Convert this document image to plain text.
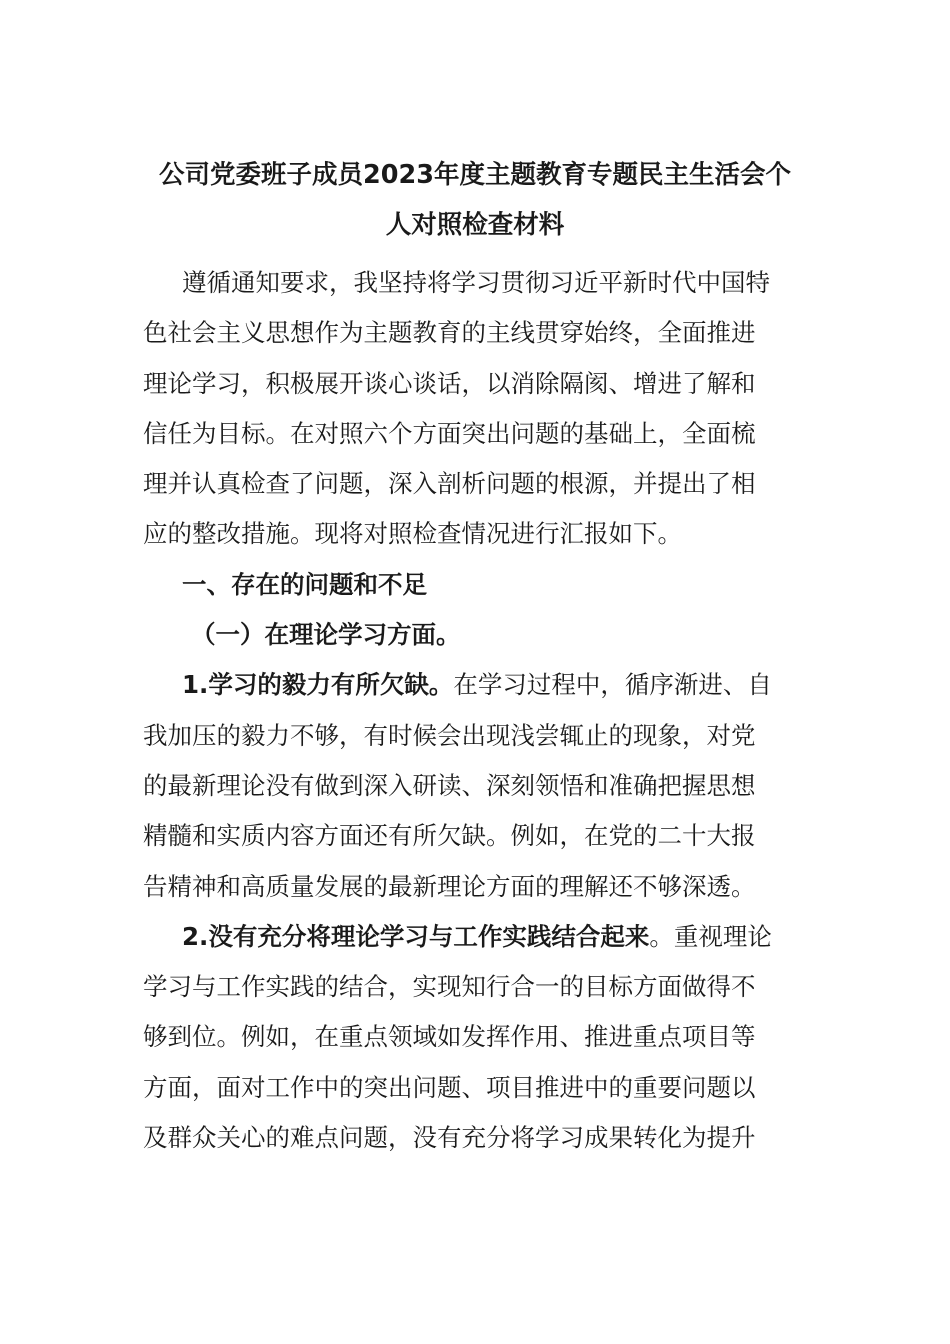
公司党委班子成员2023年度主题教育专题民主生活会个
人对照检查材料
遵循通知要求，我坚持将学习贯彻习近平新时代中国特
色社会主义思想作为主题教育的主线贯穿始终，全面推进
理论学习，积极展开谈心谈话，以消除隔阂、增进了解和
信任为目标。在对照六个方面突出问题的基础上，全面梳
理并认真检查了问题，深入剖析问题的根源，并提出了相
应的整改措施。现将对照检查情况进行汇报如下。
一、存在的问题和不足
（一）在理论学习方面。
1.学习的毅力有所欠缺。在学习过程中，循序渐进、自
我加压的毅力不够，有时候会出现浅尝辄止的现象，对党
的最新理论没有做到深入研读、深刻领悟和准确把握思想
精髓和实质内容方面还有所欠缺。例如，在党的二十大报
告精神和高质量发展的最新理论方面的理解还不够深透。
2.没有充分将理论学习与工作实践结合起来。重视理论
学习与工作实践的结合，实现知行合一的目标方面做得不
够到位。例如，在重点领域如发挥作用、推进重点项目等
方面，面对工作中的突出问题、项目推进中的重要问题以
及群众关心的难点问题，没有充分将学习成果转化为提升
